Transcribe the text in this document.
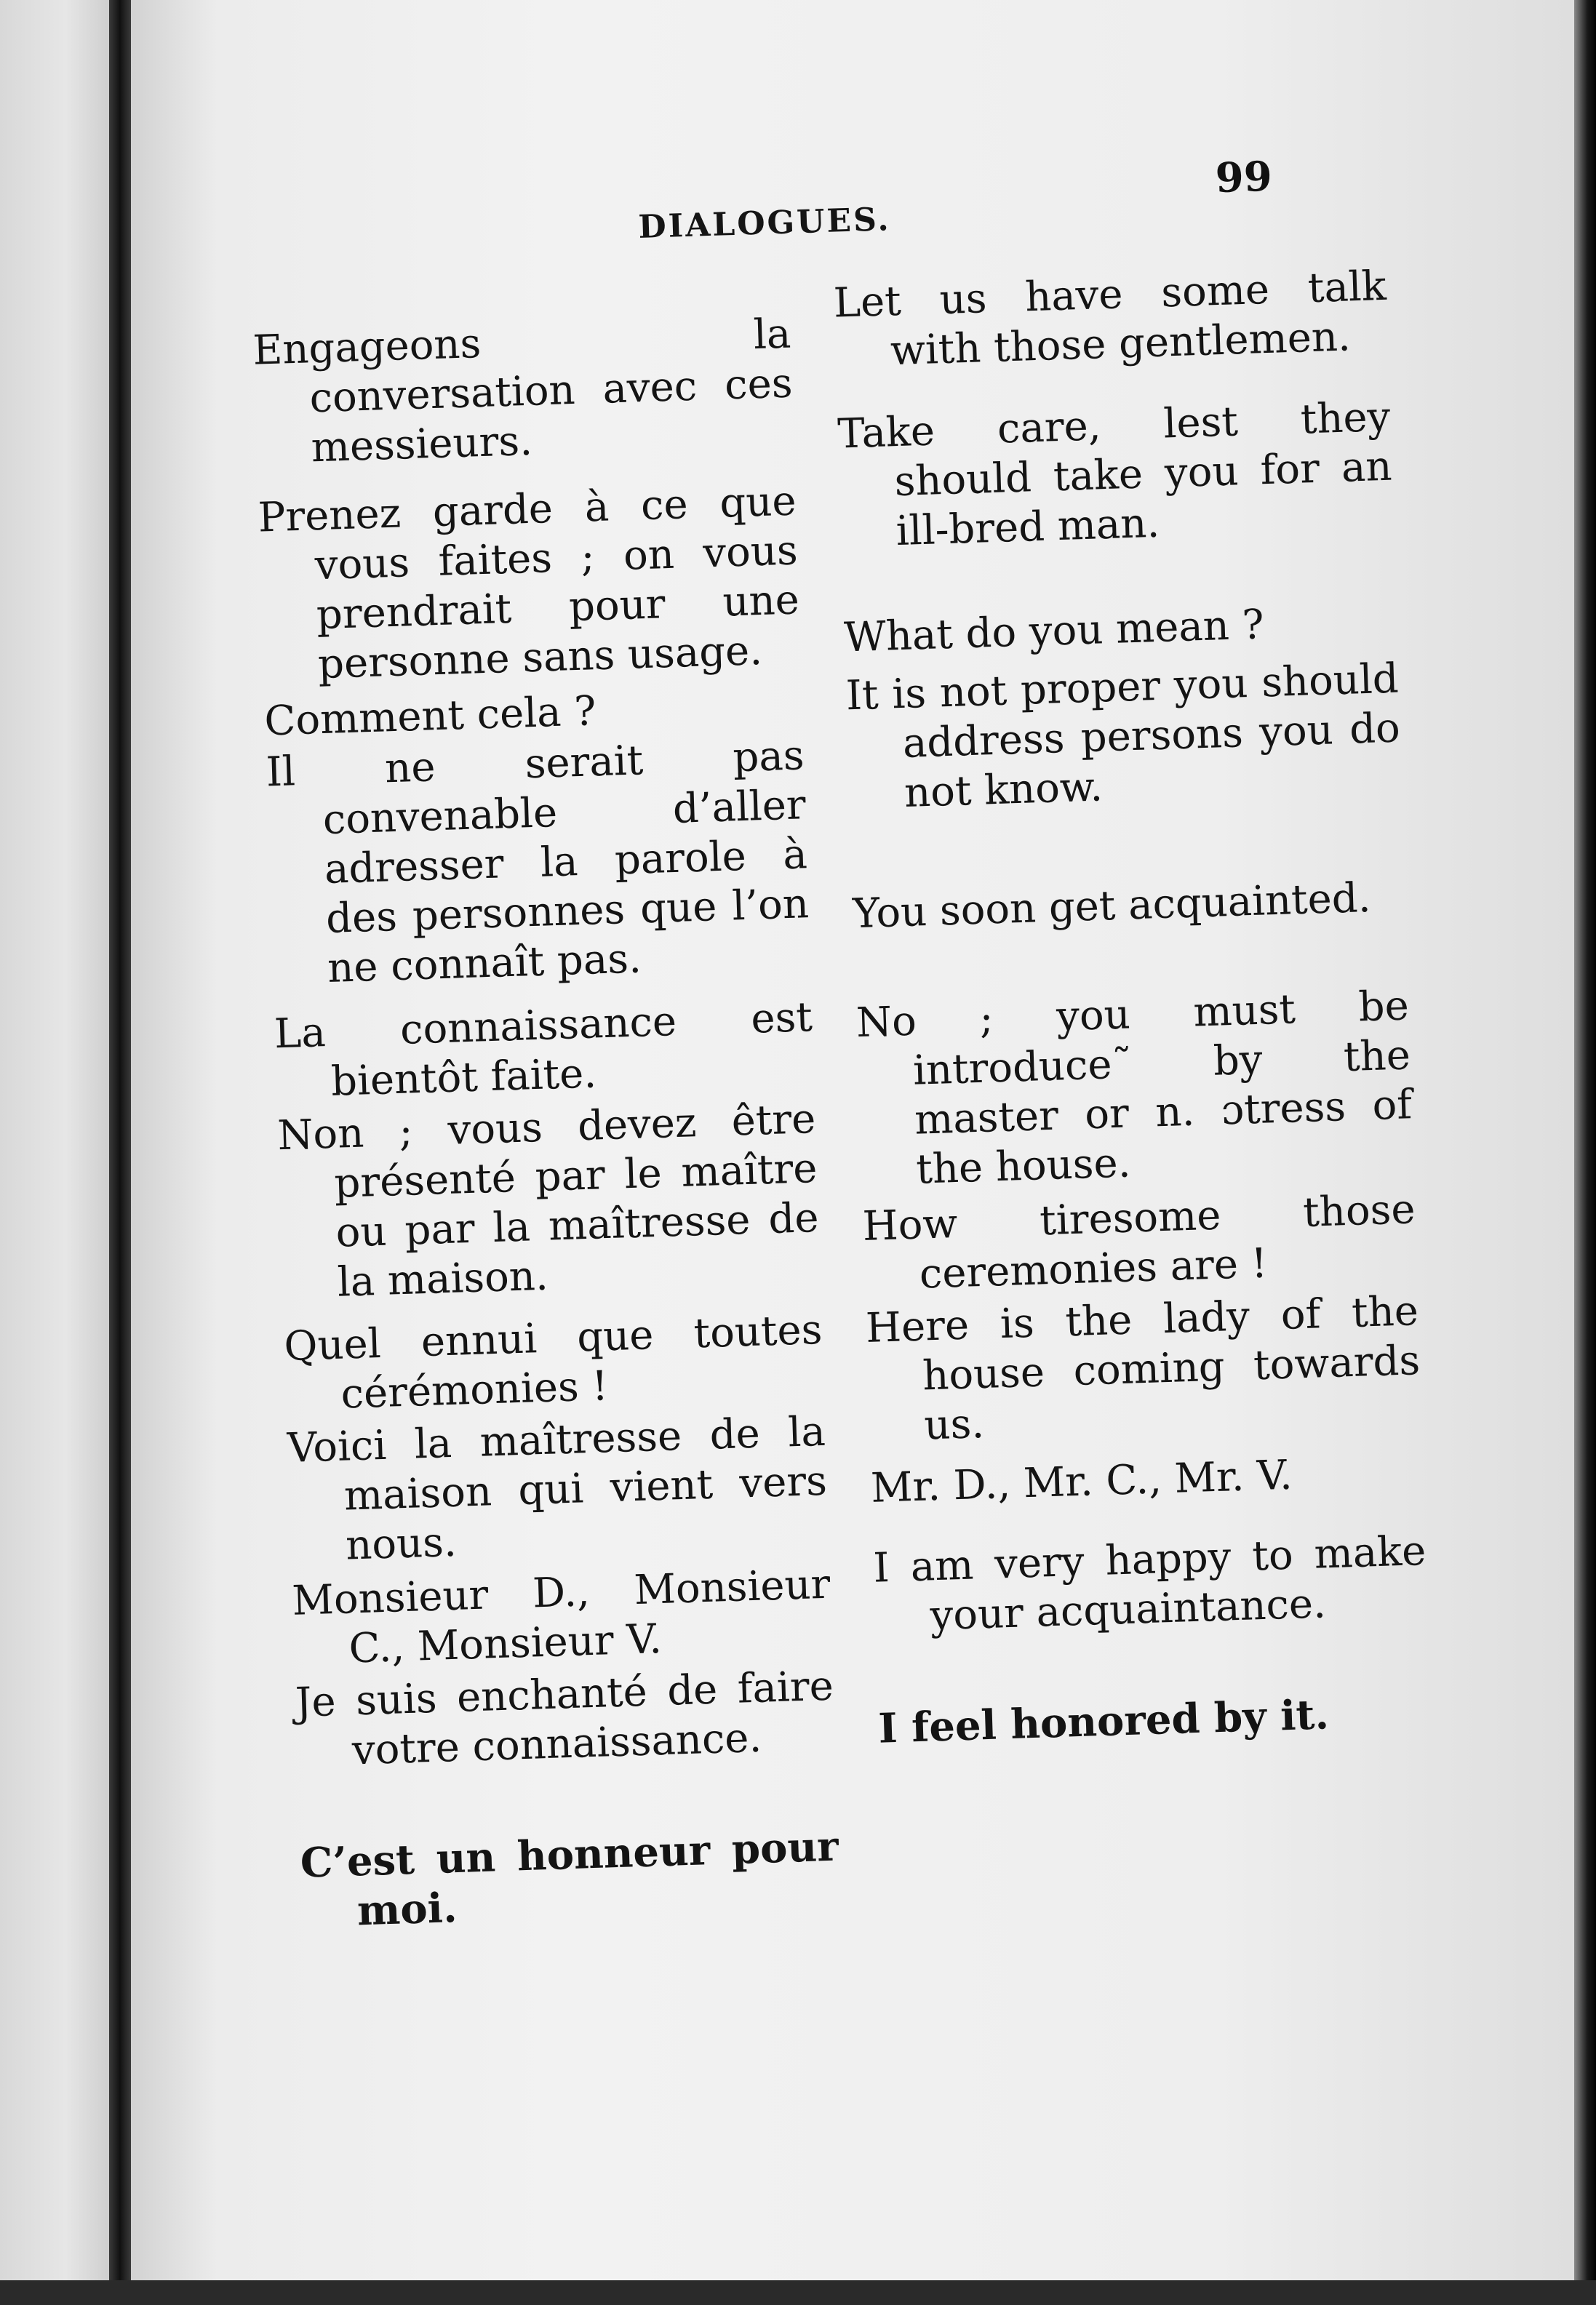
DIALOGUES.
99
Engageons la conversation avec ces messieurs.
Prenez garde à ce que vous faites ; on vous prendrait pour une personne sans usage.
Comment cela ?
Il ne serait pas convenable d’aller adresser la parole à des personnes que l’on ne connaît pas.
La connaissance est bientôt faite.
Non ; vous devez être présenté par le maître ou par la maîtresse de la maison.
Quel ennui que toutes cérémonies !
Voici la maîtresse de la maison qui vient vers nous.
Monsieur D., Monsieur C., Monsieur V.
Je suis enchanté de faire votre connaissance.
C’est un honneur pour moi.
Let us have some talk with those gentlemen.
Take care, lest they should take you for an ill-bred man.
What do you mean ?
It is not proper you should address persons you do not know.
You soon get acquainted.
No ; you must be introduce˜ by the master or n. ɔtress of the house.
How tiresome those ceremonies are !
Here is the lady of the house coming towards us.
Mr. D., Mr. C., Mr. V.
I am very happy to make your acquaintance.
I feel honored by it.
